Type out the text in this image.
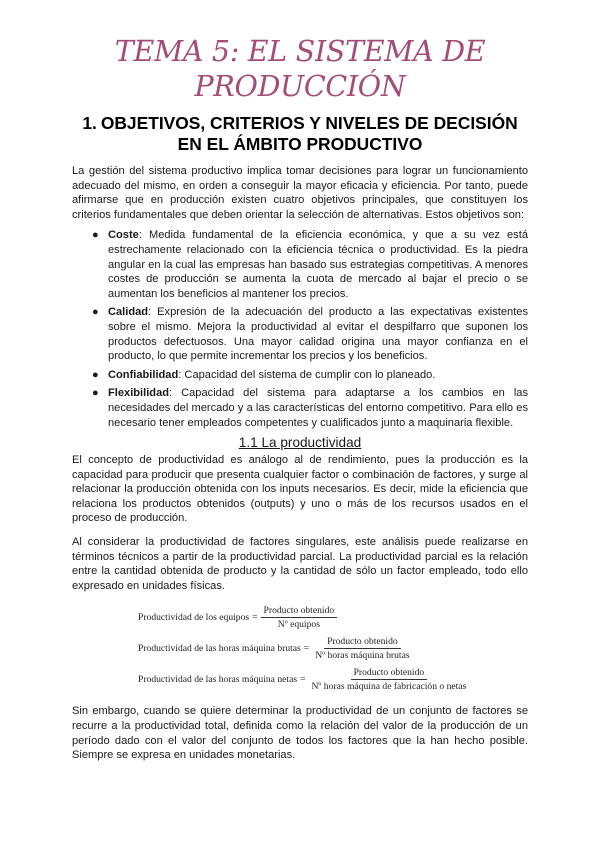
TEMA 5: EL SISTEMA DE PRODUCCIÓN
1. OBJETIVOS, CRITERIOS Y NIVELES DE DECISIÓN EN EL ÁMBITO PRODUCTIVO

La gestión del sistema productivo implica tomar decisiones para lograr un funcionamiento adecuado del mismo, en orden a conseguir la mayor eficacia y eficiencia. Por tanto, puede afirmarse que en producción existen cuatro objetivos principales, que constituyen los criterios fundamentales que deben orientar la selección de alternativas. Estos objetivos son:

● Coste: Medida fundamental de la eficiencia económica, y que a su vez está estrechamente relacionado con la eficiencia técnica o productividad. Es la piedra angular en la cual las empresas han basado sus estrategias competitivas. A menores costes de producción se aumenta la cuota de mercado al bajar el precio o se aumentan los beneficios al mantener los precios.
● Calidad: Expresión de la adecuación del producto a las expectativas existentes sobre el mismo. Mejora la productividad al evitar el despilfarro que suponen los productos defectuosos. Una mayor calidad origina una mayor confianza en el producto, lo que permite incrementar los precios y los beneficios.
● Confiabilidad: Capacidad del sistema de cumplir con lo planeado.
● Flexibilidad: Capacidad del sistema para adaptarse a los cambios en las necesidades del mercado y a las características del entorno competitivo. Para ello es necesario tener empleados competentes y cualificados junto a maquinaria flexible.
1.1 La productividad

El concepto de productividad es análogo al de rendimiento, pues la producción es la capacidad para producir que presenta cualquier factor o combinación de factores, y surge al relacionar la producción obtenida con los inputs necesarios. Es decir, mide la eficiencia que relaciona los productos obtenidos (outputs) y uno o más de los recursos usados en el proceso de producción.

Al considerar la productividad de factores singulares, este análisis puede realizarse en términos técnicos a partir de la productividad parcial. La productividad parcial es la relación entre la cantidad obtenida de producto y la cantidad de sólo un factor empleado, todo ello expresado en unidades físicas.

Productividad de los equipos = $\frac{\text{Producto obtenido}}{\text{Nº equipos}}$
Productividad de las horas máquina brutas = $\frac{\text{Producto obtenido}}{\text{Nº horas máquina brutas}}$
Productividad de las horas máquina netas = $\frac{\text{Producto obtenido}}{\text{Nº horas máquina de fabricación o netas}}$

Sin embargo, cuando se quiere determinar la productividad de un conjunto de factores se recurre a la productividad total, definida como la relación del valor de la producción de un período dado con el valor del conjunto de todos los factores que la han hecho posible. Siempre se expresa en unidades monetarias.
